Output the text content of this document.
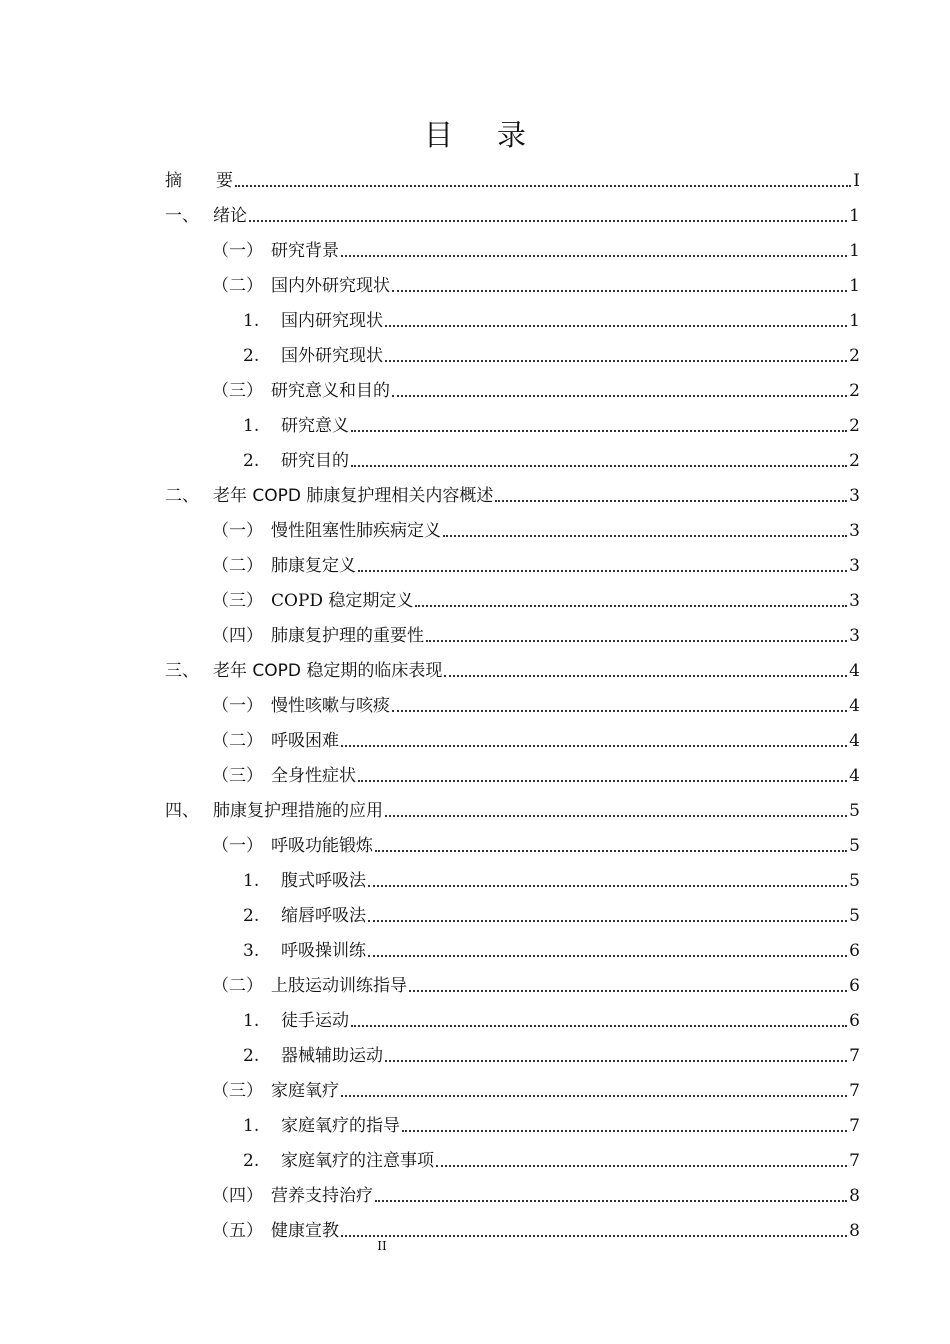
目 录
摘　　要	I
一、 绪论	1
（一） 研究背景	1
（二） 国内外研究现状	1
1.	国内研究现状	1
2.	国外研究现状	2
（三） 研究意义和目的	2
1.	研究意义	2
2.	研究目的	2
二、 老年 COPD 肺康复护理相关内容概述	3
（一） 慢性阻塞性肺疾病定义	3
（二） 肺康复定义	3
（三） COPD 稳定期定义	3
（四） 肺康复护理的重要性	3
三、 老年 COPD 稳定期的临床表现	4
（一） 慢性咳嗽与咳痰	4
（二） 呼吸困难	4
（三） 全身性症状	4
四、 肺康复护理措施的应用	5
（一） 呼吸功能锻炼	5
1.	腹式呼吸法	5
2.	缩唇呼吸法	5
3.	呼吸操训练	6
（二） 上肢运动训练指导	6
1.	徒手运动	6
2.	器械辅助运动	7
（三） 家庭氧疗	7
1.	家庭氧疗的指导	7
2.	家庭氧疗的注意事项	7
（四） 营养支持治疗	8
（五） 健康宣教	8
II
